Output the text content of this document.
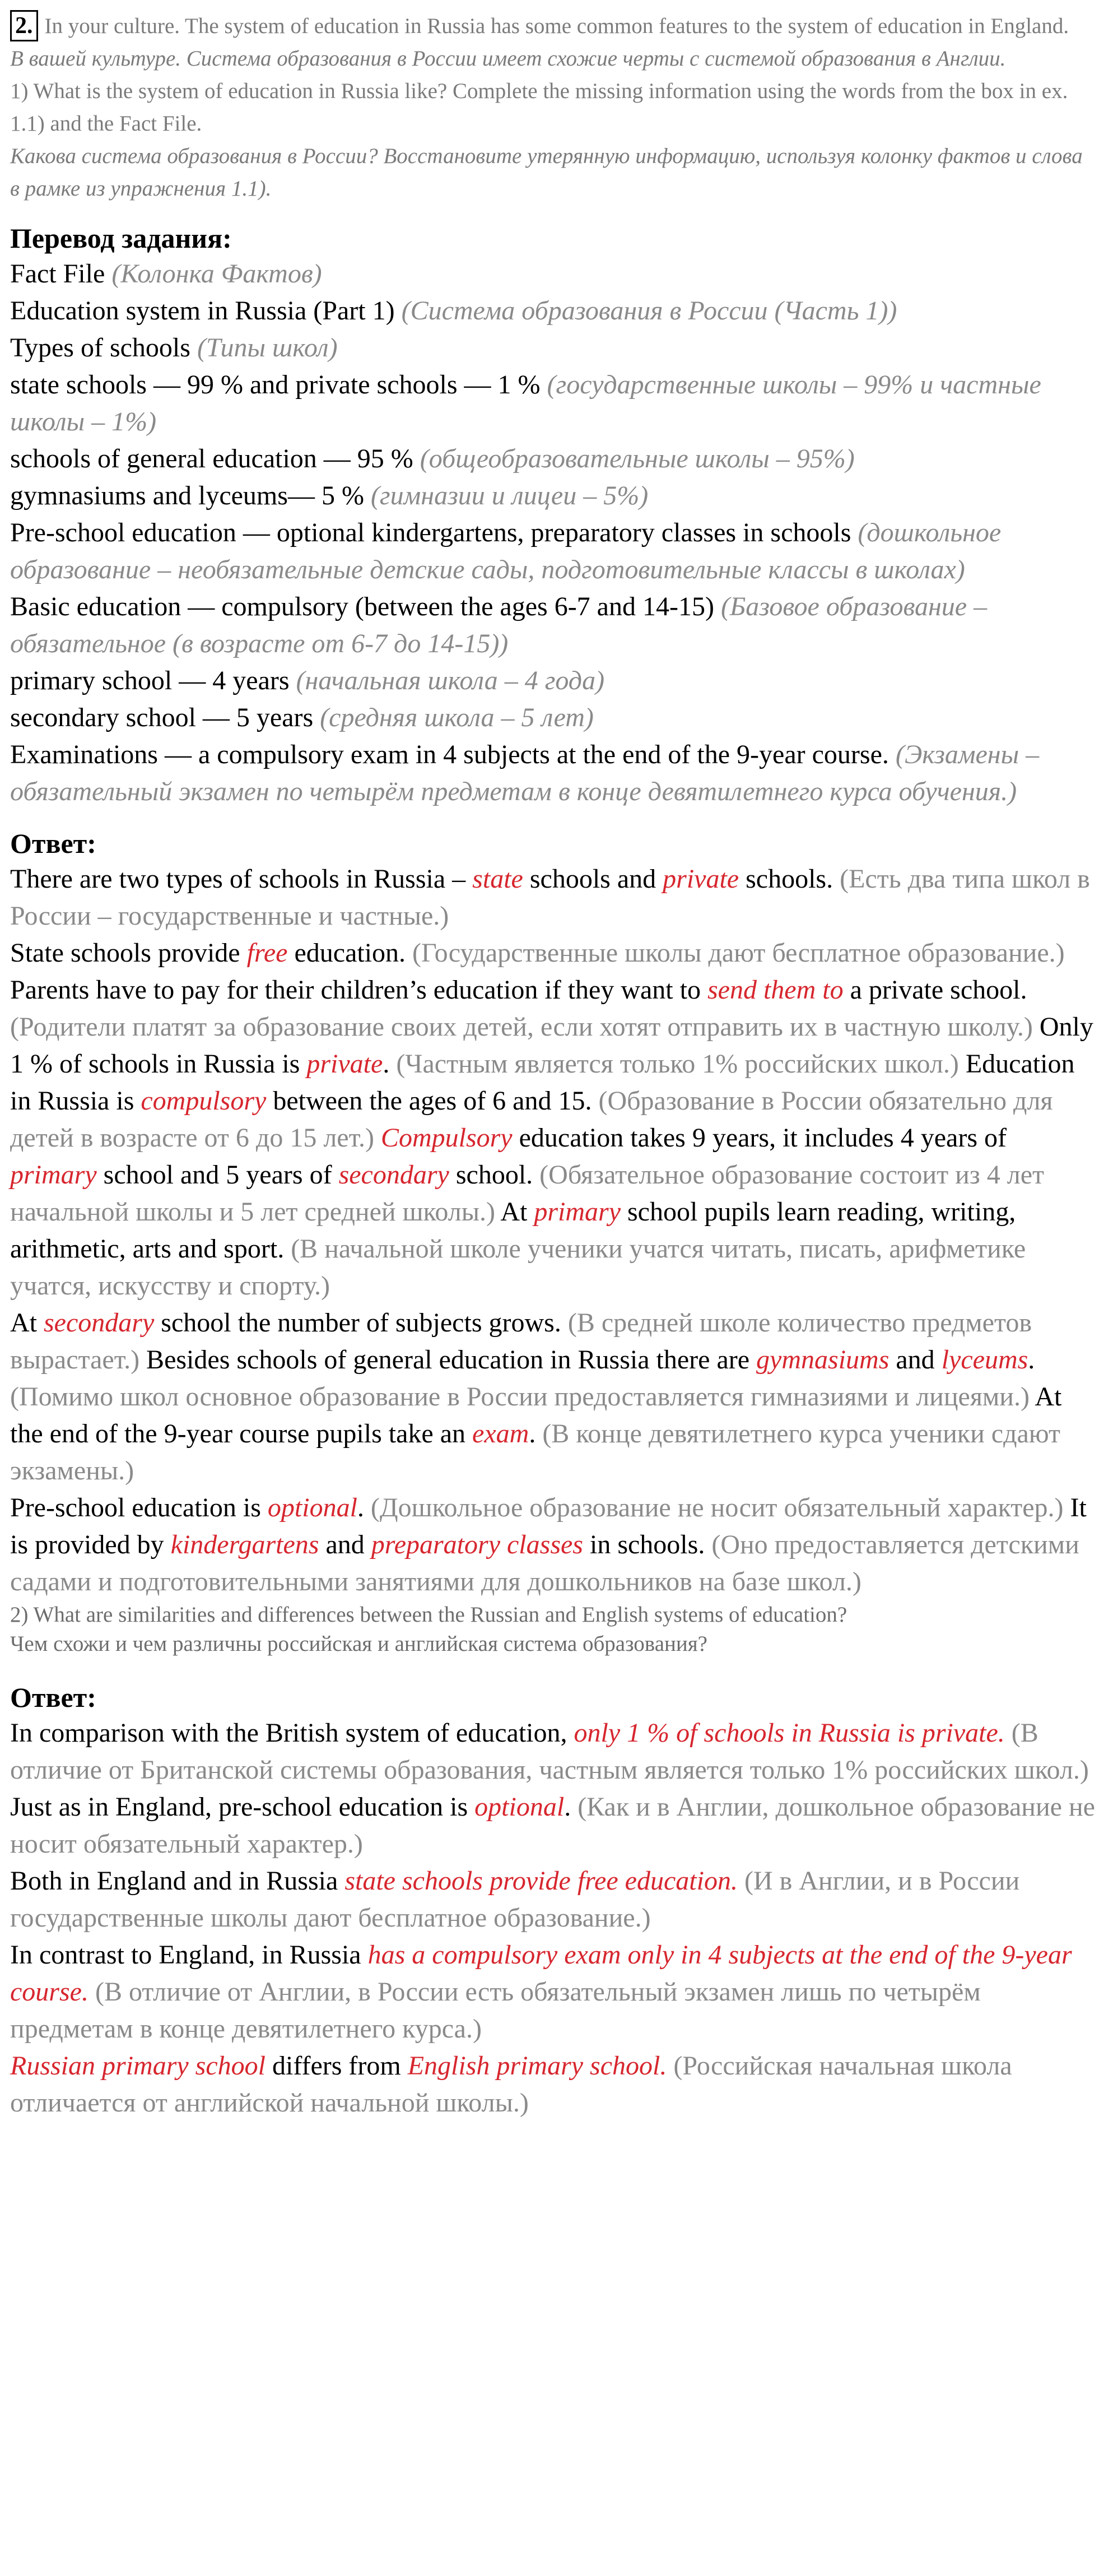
2. In your culture. The system of education in Russia has some common features to the system of education in England.

В вашей культуре. Система образования в России имеет схожие черты с системой образования в Англии.

1) What is the system of education in Russia like? Complete the missing information using the words from the box in ex. 1.1) and the Fact File.

Какова система образования в России? Восстановите утерянную информацию, используя колонку фактов и слова в рамке из упражнения 1.1).

Перевод задания:

Fact File (Колонка Фактов)

Education system in Russia (Part 1) (Система образования в России (Часть 1))

Types of schools (Типы школ)

state schools — 99 % and private schools — 1 % (государственные школы – 99% и частные школы – 1%)

schools of general education — 95 % (общеобразовательные школы – 95%)

gymnasiums and lyceums— 5 % (гимназии и лицеи – 5%)

Pre-school education — optional kindergartens, preparatory classes in schools (дошкольное образование – необязательные детские сады, подготовительные классы в школах)

Basic education — compulsory (between the ages 6-7 and 14-15) (Базовое образование – обязательное (в возрасте от 6-7 до 14-15))

primary school — 4 years (начальная школа – 4 года)

secondary school — 5 years (средняя школа – 5 лет)

Examinations — a compulsory exam in 4 subjects at the end of the 9-year course. (Экзамены – обязательный экзамен по четырём предметам в конце девятилетнего курса обучения.)

Ответ:

There are two types of schools in Russia – state schools and private schools. (Есть два типа школ в России – государственные и частные.)

State schools provide free education. (Государственные школы дают бесплатное образование.) Parents have to pay for their children’s education if they want to send them to a private school. (Родители платят за образование своих детей, если хотят отправить их в частную школу.) Only 1 % of schools in Russia is private. (Частным является только 1% российских школ.) Education in Russia is compulsory between the ages of 6 and 15. (Образование в России обязательно для детей в возрасте от 6 до 15 лет.) Compulsory education takes 9 years, it includes 4 years of primary school and 5 years of secondary school. (Обязательное образование состоит из 4 лет начальной школы и 5 лет средней школы.) At primary school pupils learn reading, writing, arithmetic, arts and sport. (В начальной школе ученики учатся читать, писать, арифметике учатся, искусству и спорту.)

At secondary school the number of subjects grows. (В средней школе количество предметов вырастает.) Besides schools of general education in Russia there are gymnasiums and lyceums. (Помимо школ основное образование в России предоставляется гимназиями и лицеями.) At the end of the 9-year course pupils take an exam. (В конце девятилетнего курса ученики сдают экзамены.)

Pre-school education is optional. (Дошкольное образование не носит обязательный характер.) It is provided by kindergartens and preparatory classes in schools. (Оно предоставляется детскими садами и подготовительными занятиями для дошкольников на базе школ.)

2) What are similarities and differences between the Russian and English systems of education?

Чем схожи и чем различны российская и английская система образования?

Ответ:

In comparison with the British system of education, only 1 % of schools in Russia is private. (В отличие от Британской системы образования, частным является только 1% российских школ.)

Just as in England, pre-school education is optional. (Как и в Англии, дошкольное образование не носит обязательный характер.)

Both in England and in Russia state schools provide free education. (И в Англии, и в России государственные школы дают бесплатное образование.)

In contrast to England, in Russia has a compulsory exam only in 4 subjects at the end of the 9-year course. (В отличие от Англии, в России есть обязательный экзамен лишь по четырём предметам в конце девятилетнего курса.)

Russian primary school differs from English primary school. (Российская начальная школа отличается от английской начальной школы.)
